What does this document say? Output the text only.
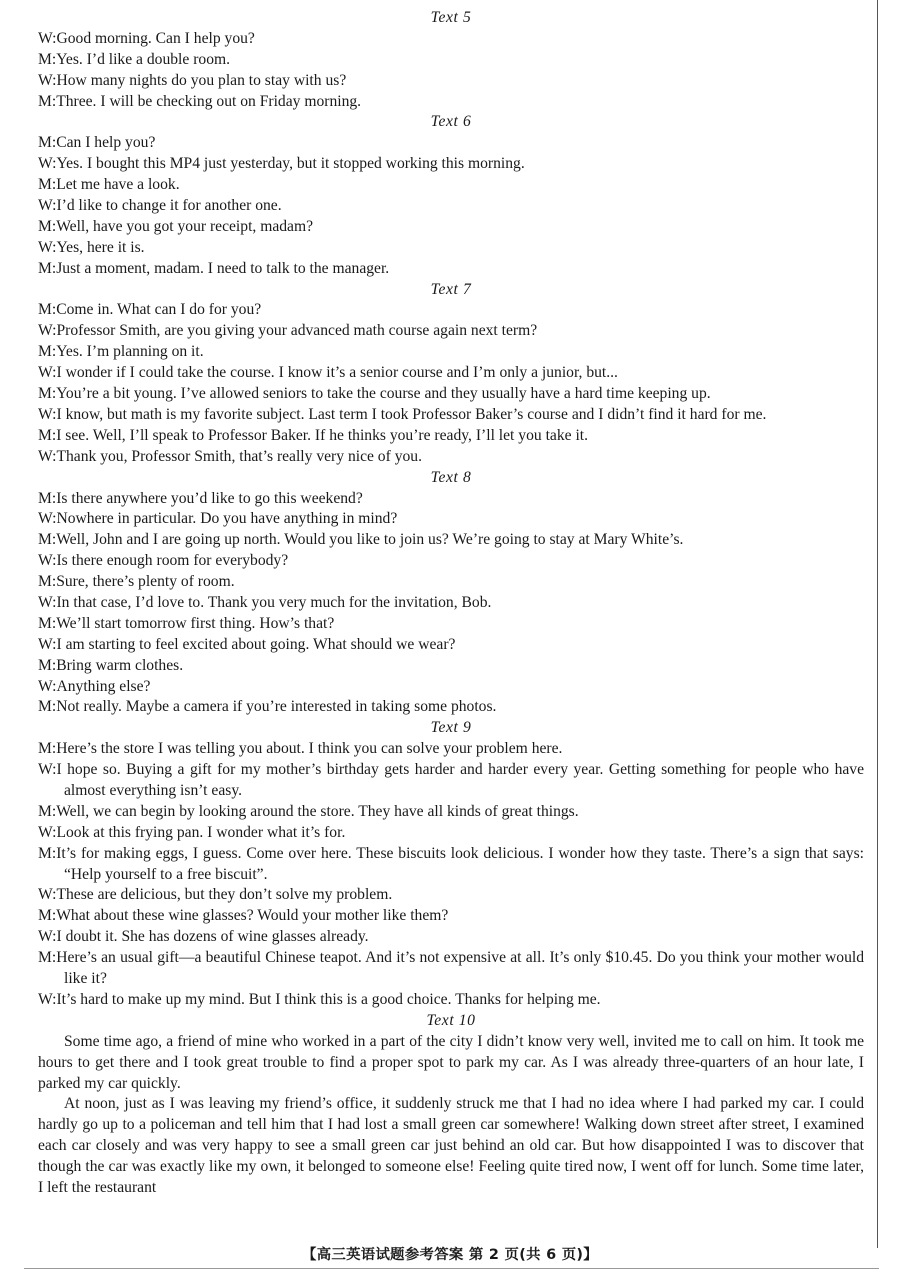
Text 5
W:Good morning. Can I help you?
M:Yes. I’d like a double room.
W:How many nights do you plan to stay with us?
M:Three. I will be checking out on Friday morning.
Text 6
M:Can I help you?
W:Yes. I bought this MP4 just yesterday, but it stopped working this morning.
M:Let me have a look.
W:I’d like to change it for another one.
M:Well, have you got your receipt, madam?
W:Yes, here it is.
M:Just a moment, madam. I need to talk to the manager.
Text 7
M:Come in. What can I do for you?
W:Professor Smith, are you giving your advanced math course again next term?
M:Yes. I’m planning on it.
W:I wonder if I could take the course. I know it’s a senior course and I’m only a junior, but...
M:You’re a bit young. I’ve allowed seniors to take the course and they usually have a hard time keeping up.
W:I know, but math is my favorite subject. Last term I took Professor Baker’s course and I didn’t find it hard for me.
M:I see. Well, I’ll speak to Professor Baker. If he thinks you’re ready, I’ll let you take it.
W:Thank you, Professor Smith, that’s really very nice of you.
Text 8
M:Is there anywhere you’d like to go this weekend?
W:Nowhere in particular. Do you have anything in mind?
M:Well, John and I are going up north. Would you like to join us? We’re going to stay at Mary White’s.
W:Is there enough room for everybody?
M:Sure, there’s plenty of room.
W:In that case, I’d love to. Thank you very much for the invitation, Bob.
M:We’ll start tomorrow first thing. How’s that?
W:I am starting to feel excited about going. What should we wear?
M:Bring warm clothes.
W:Anything else?
M:Not really. Maybe a camera if you’re interested in taking some photos.
Text 9
M:Here’s the store I was telling you about. I think you can solve your problem here.
W:I hope so. Buying a gift for my mother’s birthday gets harder and harder every year. Getting something for people who have almost everything isn’t easy.
M:Well, we can begin by looking around the store. They have all kinds of great things.
W:Look at this frying pan. I wonder what it’s for.
M:It’s for making eggs, I guess. Come over here. These biscuits look delicious. I wonder how they taste. There’s a sign that says: “Help yourself to a free biscuit”.
W:These are delicious, but they don’t solve my problem.
M:What about these wine glasses? Would your mother like them?
W:I doubt it. She has dozens of wine glasses already.
M:Here’s an usual gift—a beautiful Chinese teapot. And it’s not expensive at all. It’s only $10.45. Do you think your mother would like it?
W:It’s hard to make up my mind. But I think this is a good choice. Thanks for helping me.
Text 10

Some time ago, a friend of mine who worked in a part of the city I didn’t know very well, invited me to call on him. It took me hours to get there and I took great trouble to find a proper spot to park my car. As I was already three-quarters of an hour late, I parked my car quickly.

At noon, just as I was leaving my friend’s office, it suddenly struck me that I had no idea where I had parked my car. I could hardly go up to a policeman and tell him that I had lost a small green car somewhere! Walking down street after street, I examined each car closely and was very happy to see a small green car just behind an old car. But how disappointed I was to discover that though the car was exactly like my own, it belonged to someone else! Feeling quite tired now, I went off for lunch. Some time later, I left the restaurant

【高三英语试题参考答案 第 2 页(共 6 页)】
